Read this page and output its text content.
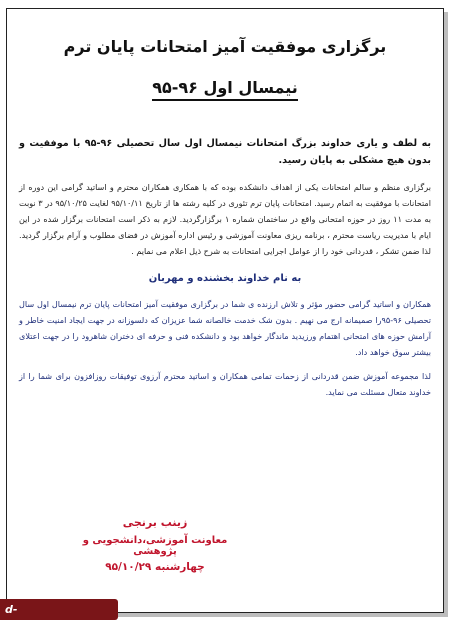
برگزاری موفقیت آمیز امتحانات پایان ترم
نیمسال اول ۹۶-۹۵

به لطف و یاری خداوند بزرگ امتحانات نیمسال اول سال تحصیلی ۹۶-۹۵ با موفقیت و بدون هیچ مشکلی به پایان رسید.

برگزاری منظم و سالم امتحانات یکی از اهداف دانشکده بوده که با همکاری همکاران محترم و اساتید گرامی این دوره از امتحانات با موفقیت به اتمام رسید. امتحانات پایان ترم تئوری در کلیه رشته ها از تاریخ ۹۵/۱۰/۱۱ لغایت ۹۵/۱۰/۲۵ در ۳ نوبت به مدت ۱۱ روز در حوزه امتحانی واقع در ساختمان شماره ۱ برگزارگردید. لازم به ذکر است امتحانات برگزار شده در این ایام با مدیریت ریاست محترم ، برنامه ریزی معاونت آموزشی و رئیس اداره آموزش در فضای مطلوب و آرام برگزار گردید. لذا ضمن تشکر ، قدردانی خود را از عوامل اجرایی امتحانات به شرح ذیل اعلام می نمایم .

به نام خداوند بخشنده و مهربان

همکاران و اساتید گرامی حضور مؤثر و تلاش ارزنده ی شما در برگزاری موفقیت آمیز امتحانات پایان ترم نیمسال اول سال تحصیلی ۹۶-۹۵را صمیمانه ارج می نهیم . بدون شک خدمت خالصانه شما عزیزان که دلسوزانه در جهت ایجاد امنیت خاطر و آرامش حوزه های امتحانی اهتمام ورزیدید ماندگار خواهد بود و دانشکده فنی و حرفه ای دختران شاهرود را در جهت اعتلای بیشتر سوق خواهد داد.

لذا مجموعه آموزش ضمن قدردانی از زحمات تمامی همکاران و اساتید محترم آرزوی توفیقات روزافزون برای شما را از خداوند متعال مسئلت می نماید.

زینب برنجی
معاونت آموزشی،دانشجویی و پژوهشی
چهارشنبه ۹۵/۱۰/۲۹
d-shahrood.tvu.ac.ir
